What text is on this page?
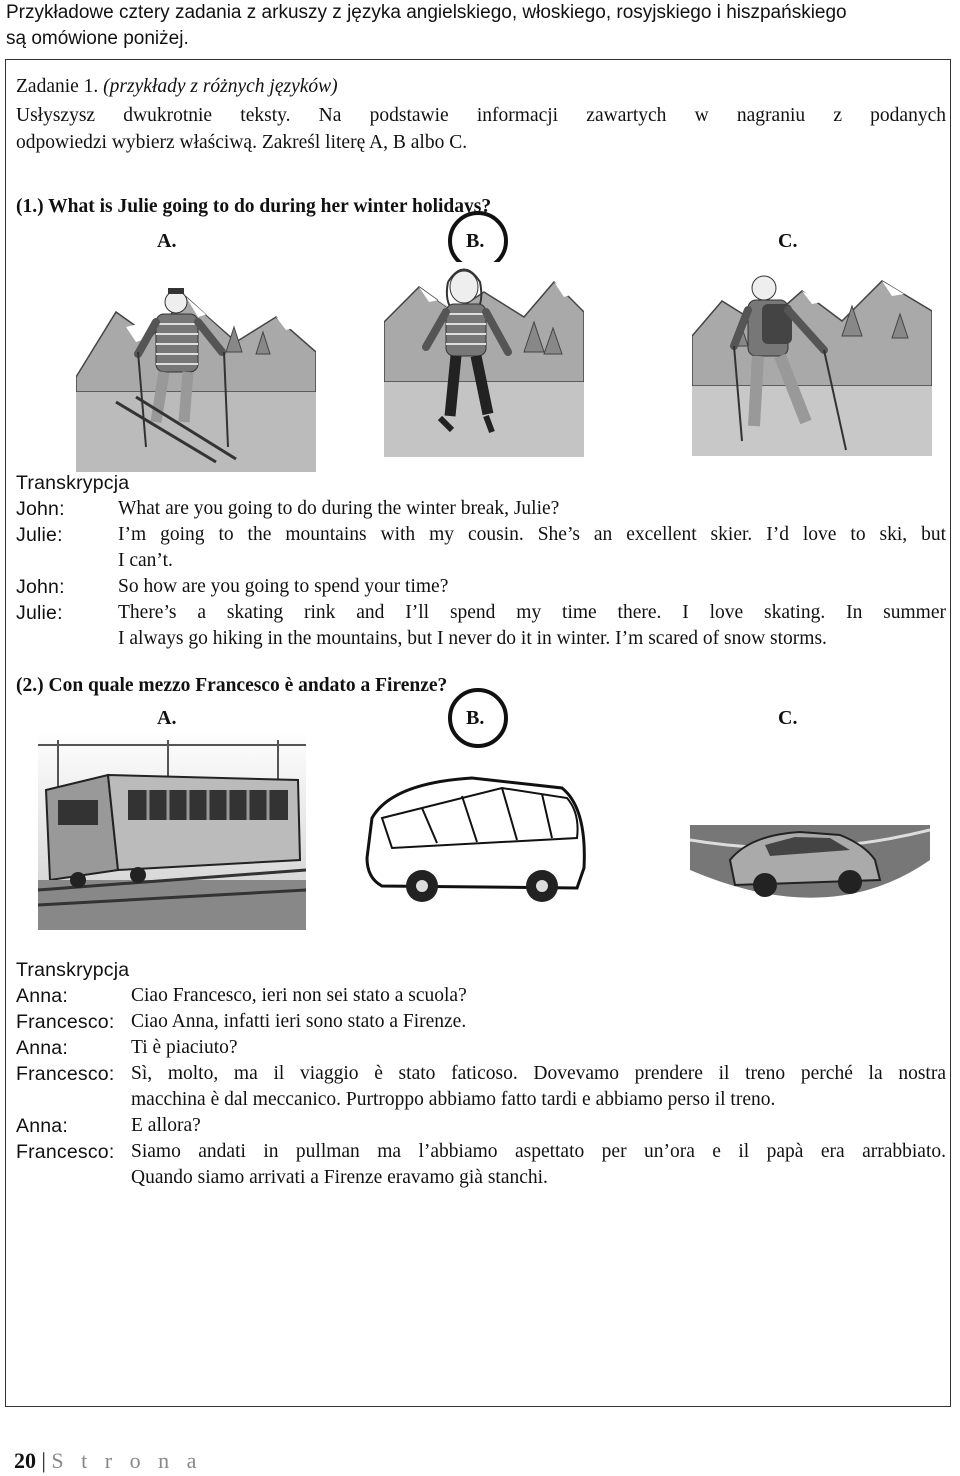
Przykładowe cztery zadania z arkuszy z języka angielskiego, włoskiego, rosyjskiego i hiszpańskiego
są omówione poniżej.
Zadanie 1. (przykłady z różnych języków)
Usłyszysz dwukrotnie teksty. Na podstawie informacji zawartych w nagraniu z podanych
odpowiedzi wybierz właściwą. Zakreśl literę A, B albo C.
(1.) What is Julie going to do during her winter holidays?
A.	B.	C.
Transkrypcja
John:	What are you going to do during the winter break, Julie?
Julie:	I’m going to the mountains with my cousin. She’s an excellent skier. I’d love to ski, but
I can’t.
John:	So how are you going to spend your time?
Julie:	There’s a skating rink and I’ll spend my time there. I love skating. In summer
I always go hiking in the mountains, but I never do it in winter. I’m scared of snow storms.
(2.) Con quale mezzo Francesco è andato a Firenze?
A.	B.	C.
Transkrypcja
Anna:	Ciao Francesco, ieri non sei stato a scuola?
Francesco: Ciao Anna, infatti ieri sono stato a Firenze.
Anna:	Ti è piaciuto?
Francesco: Sì, molto, ma il viaggio è stato faticoso. Dovevamo prendere il treno perché la nostra
macchina è dal meccanico. Purtroppo abbiamo fatto tardi e abbiamo perso il treno.
Anna:	E allora?
Francesco: Siamo andati in pullman ma l’abbiamo aspettato per un’ora e il papà era arrabbiato.
Quando siamo arrivati a Firenze eravamo già stanchi.
20 | S t r o n a
